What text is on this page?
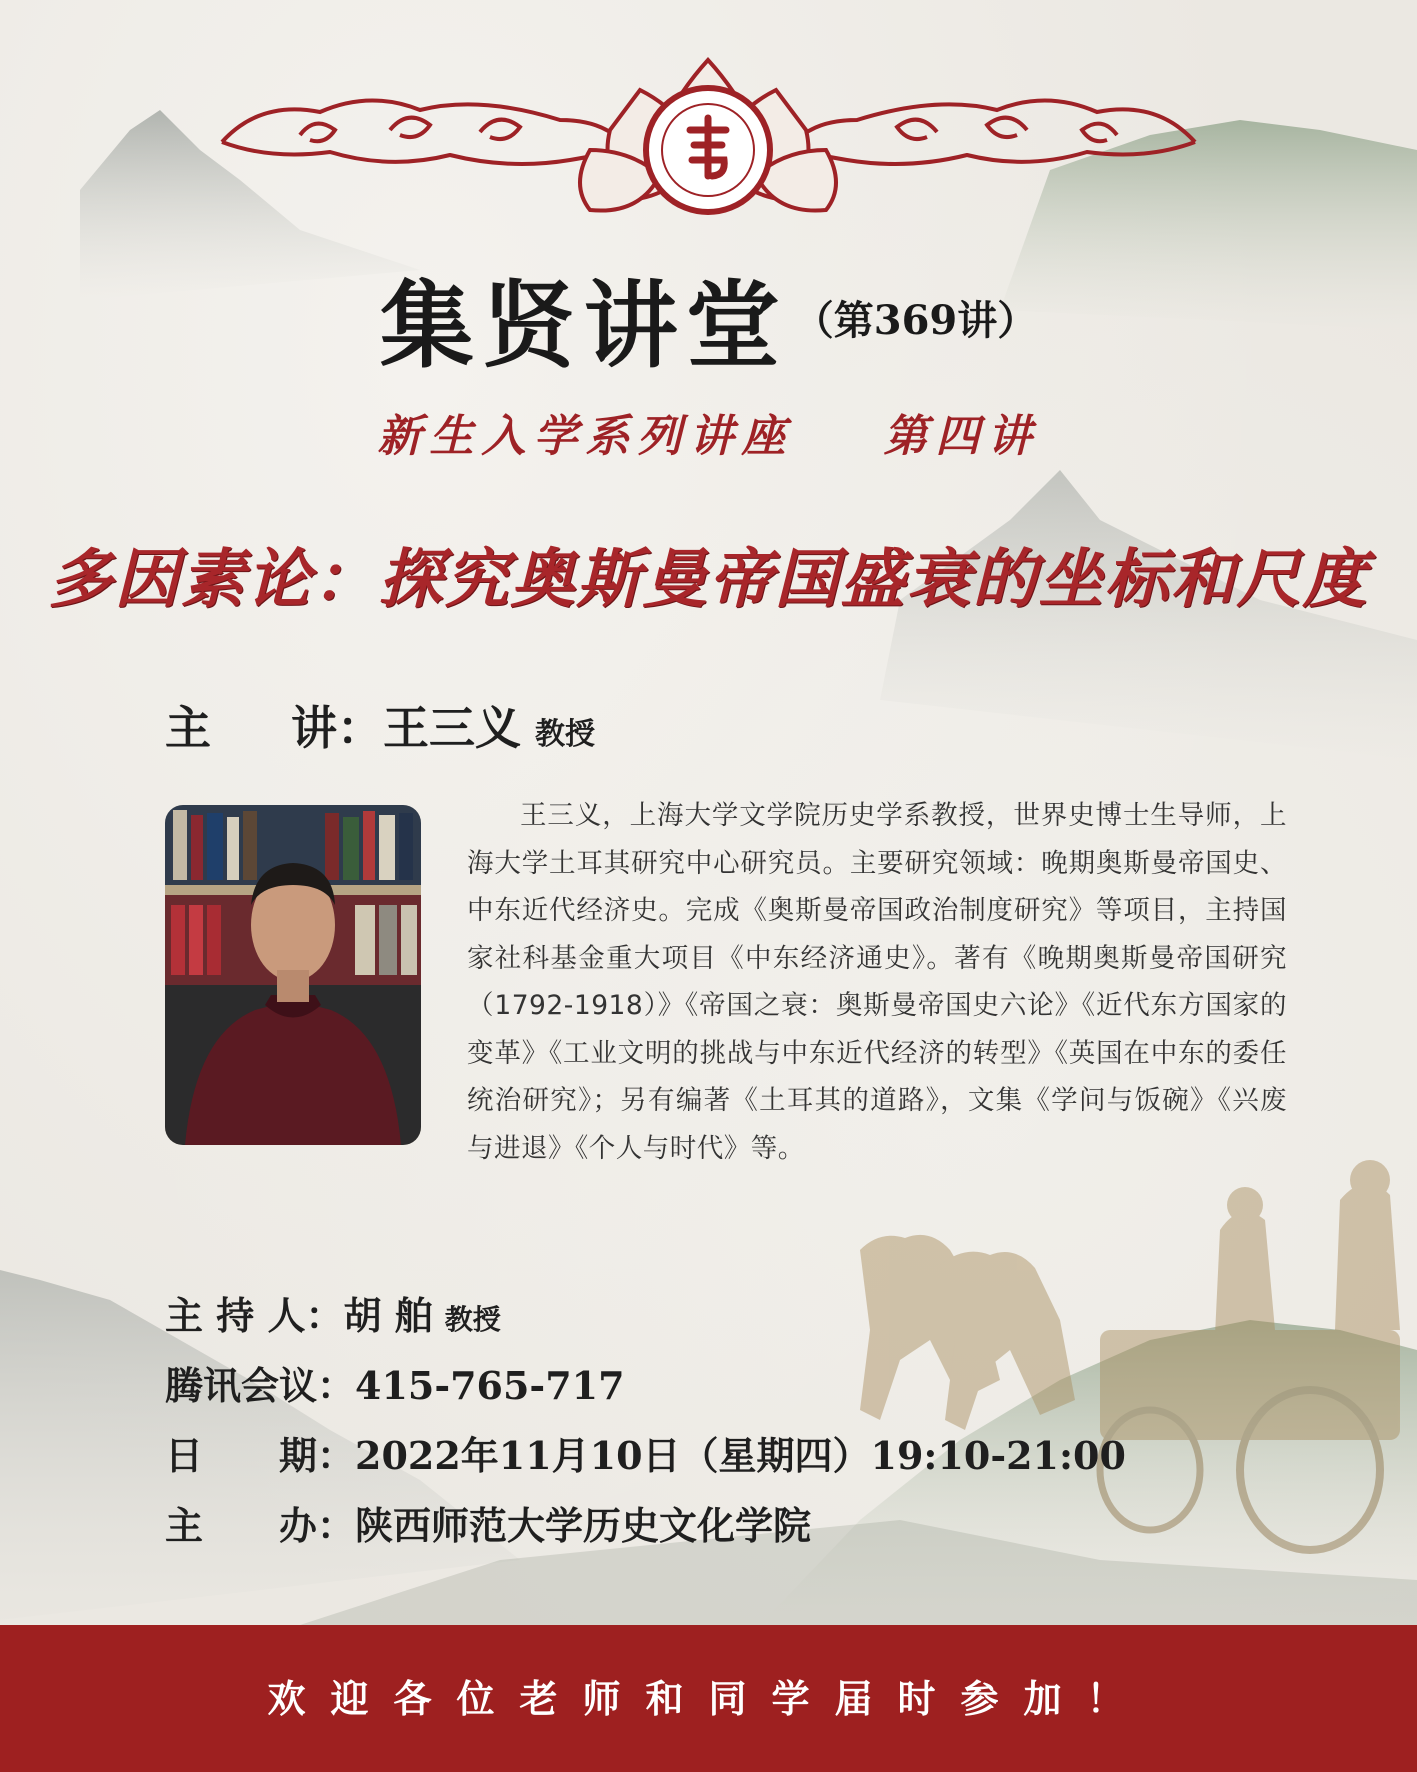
集贤讲堂 （第369讲）
新生入学系列讲座 第四讲
多因素论：探究奥斯曼帝国盛衰的坐标和尺度
主 讲：王三义 教授
王三义，上海大学文学院历史学系教授，世界史博士生导师，上海大学土耳其研究中心研究员。主要研究领域：晚期奥斯曼帝国史、中东近代经济史。完成《奥斯曼帝国政治制度研究》等项目，主持国家社科基金重大项目《中东经济通史》。著有《晚期奥斯曼帝国研究（1792-1918）》《帝国之衰：奥斯曼帝国史六论》《近代东方国家的变革》《工业文明的挑战与中东近代经济的转型》《英国在中东的委任统治研究》；另有编著《土耳其的道路》，文集《学问与饭碗》《兴废与进退》《个人与时代》等。
主 持 人：胡 舶 教授
腾讯会议：415-765-717
日　　期：2022年11月10日（星期四）19:10-21:00
主　　办：陕西师范大学历史文化学院
欢迎各位老师和同学届时参加！
